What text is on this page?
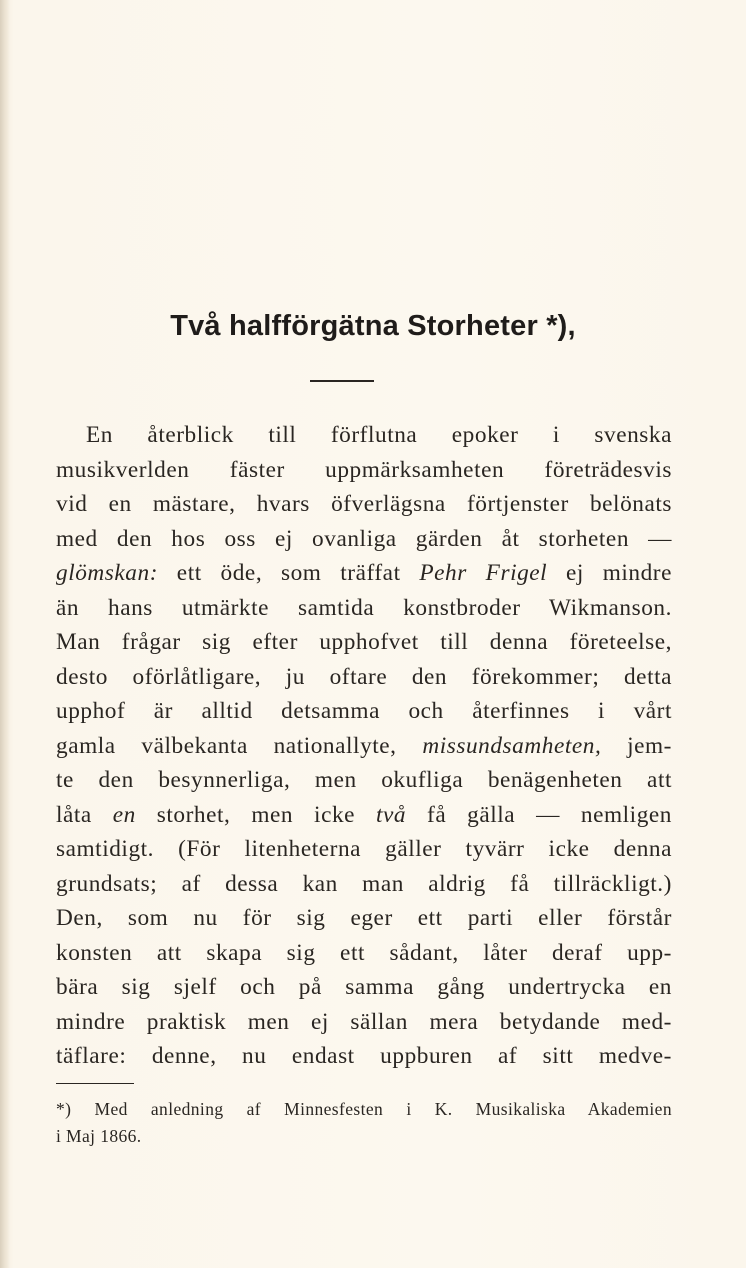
Två halfförgätna Storheter *),
En återblick till förflutna epoker i svenska
musikverlden fäster uppmärksamheten företrädesvis
vid en mästare, hvars öfverlägsna förtjenster belönats
med den hos oss ej ovanliga gärden åt storheten —
glömskan: ett öde, som träffat Pehr Frigel ej mindre
än hans utmärkte samtida konstbroder Wikmanson.
Man frågar sig efter upphofvet till denna företeelse,
desto oförlåtligare, ju oftare den förekommer; detta
upphof är alltid detsamma och återfinnes i vårt
gamla välbekanta nationallyte, missundsamheten, jem-
te den besynnerliga, men okufliga benägenheten att
låta en storhet, men icke två få gälla — nemligen
samtidigt. (För litenheterna gäller tyvärr icke denna
grundsats; af dessa kan man aldrig få tillräckligt.)
Den, som nu för sig eger ett parti eller förstår
konsten att skapa sig ett sådant, låter deraf upp-
bära sig sjelf och på samma gång undertrycka en
mindre praktisk men ej sällan mera betydande med-
täflare: denne, nu endast uppburen af sitt medve-
*) Med anledning af Minnesfesten i K. Musikaliska Akademien
i Maj 1866.
